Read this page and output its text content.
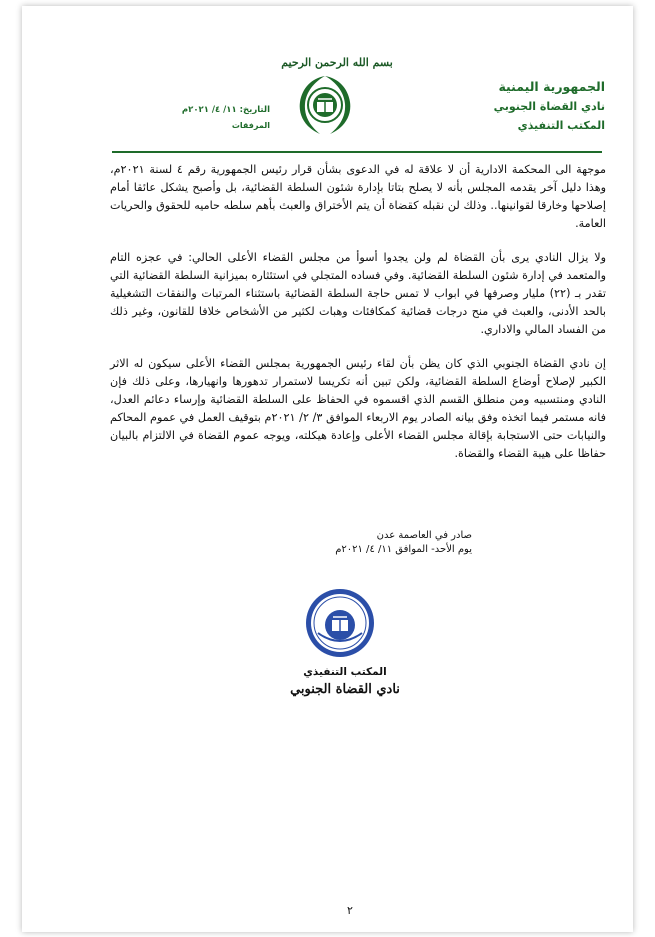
بسم الله الرحمن الرحيم
الجمهورية اليمنية
نادي القضاة الجنوبي
المكتب التنفيذي
التاريخ: ١١/ ٤/ ٢٠٢١م
المرفقات

موجهة الى المحكمة الادارية أن لا علاقة له في الدعوى بشأن قرار رئيس الجمهورية رقم ٤ لسنة ٢٠٢١م، وهذا دليل آخر يقدمه المجلس بأنه لا يصلح بتاتا بإدارة شئون السلطة القضائية، بل وأصبح يشكل عائقا أمام إصلاحها وخارقا لقوانينها.. وذلك لن نقبله كقضاة أن يتم الأختراق والعبث بأهم سلطه حاميه للحقوق والحريات العامة.

ولا يزال النادي يرى بأن القضاة لم ولن يجدوا أسوأ من مجلس القضاء الأعلى الحالي: في عجزه التام والمتعمد في إدارة شئون السلطة القضائية. وفي فساده المتجلي في استئثاره بميزانية السلطة القضائية التي تقدر بـ (٢٢) مليار وصرفها في ابواب لا تمس حاجة السلطة القضائية باستثناء المرتبات والنفقات التشغيلية بالحد الأدنى، والعبث في منح درجات قضائية كمكافئات وهبات لكثير من الأشخاص خلافا للقانون، وغير ذلك من الفساد المالي والاداري.

إن نادي القضاة الجنوبي الذي كان يظن بأن لقاء رئيس الجمهورية بمجلس القضاء الأعلى سيكون له الاثر الكبير لإصلاح أوضاع السلطة القضائية، ولكن تبين أنه تكريسا لاستمرار تدهورها وانهيارها، وعلى ذلك فإن النادي ومنتسبيه ومن منطلق القسم الذي اقسموه في الحفاظ على السلطة القضائية وإرساء دعائم العدل، فانه مستمر فيما اتخذه وفق بيانه الصادر يوم الاربعاء الموافق ٣/ ٢/ ٢٠٢١م بتوقيف العمل في عموم المحاكم والنيابات حتى الاستجابة بإقالة مجلس القضاء الأعلى وإعادة هيكلته، ويوجه عموم القضاة في الالتزام بالبيان حفاظا على هيبة القضاء والقضاة.

صادر في العاصمة عدن
يوم الأحد- الموافق ١١/ ٤/ ٢٠٢١م
المكتب التنفيذي
نادي القضاة الجنوبي
٢
